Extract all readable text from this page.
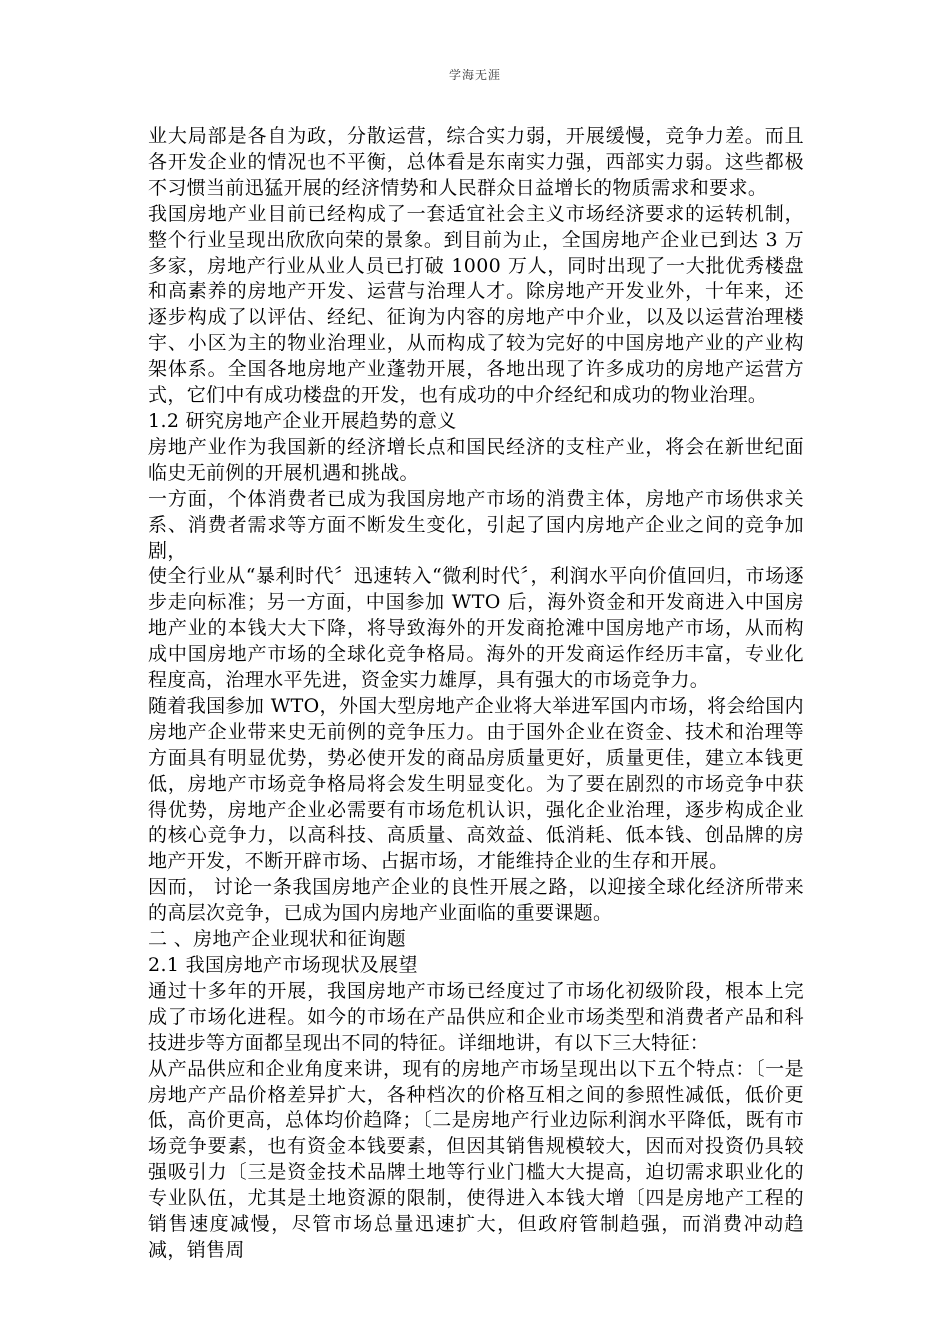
学海无涯

业大局部是各自为政，分散运营，综合实力弱，开展缓慢，竞争力差。而且各开发企业的情况也不平衡，总体看是东南实力强，西部实力弱。这些都极不习惯当前迅猛开展的经济情势和人民群众日益增长的物质需求和要求。

我国房地产业目前已经构成了一套适宜社会主义市场经济要求的运转机制，整个行业呈现出欣欣向荣的景象。到目前为止，全国房地产企业已到达 3 万多家，房地产行业从业人员已打破 1000 万人，同时出现了一大批优秀楼盘和高素养的房地产开发、运营与治理人才。除房地产开发业外，十年来，还逐步构成了以评估、经纪、征询为内容的房地产中介业，以及以运营治理楼宇、小区为主的物业治理业，从而构成了较为完好的中国房地产业的产业构架体系。全国各地房地产业蓬勃开展，各地出现了许多成功的房地产运营方式，它们中有成功楼盘的开发，也有成功的中介经纪和成功的物业治理。

1.2 研究房地产企业开展趋势的意义

房地产业作为我国新的经济增长点和国民经济的支柱产业，将会在新世纪面临史无前例的开展机遇和挑战。

一方面，个体消费者已成为我国房地产市场的消费主体，房地产市场供求关系、消费者需求等方面不断发生变化，引起了国内房地产企业之间的竞争加剧，

使全行业从“暴利时代〞迅速转入“微利时代〞，利润水平向价值回归，市场逐步走向标准；另一方面，中国参加 WTO 后，海外资金和开发商进入中国房地产业的本钱大大下降，将导致海外的开发商抢滩中国房地产市场，从而构成中国房地产市场的全球化竞争格局。海外的开发商运作经历丰富，专业化程度高，治理水平先进，资金实力雄厚，具有强大的市场竞争力。

随着我国参加 WTO，外国大型房地产企业将大举进军国内市场，将会给国内房地产企业带来史无前例的竞争压力。由于国外企业在资金、技术和治理等方面具有明显优势，势必使开发的商品房质量更好，质量更佳，建立本钱更低，房地产市场竞争格局将会发生明显变化。为了要在剧烈的市场竞争中获得优势，房地产企业必需要有市场危机认识，强化企业治理，逐步构成企业的核心竞争力，以高科技、高质量、高效益、低消耗、低本钱、创品牌的房地产开发，不断开辟市场、占据市场，才能维持企业的生存和开展。

因而， 讨论一条我国房地产企业的良性开展之路，以迎接全球化经济所带来的高层次竞争，已成为国内房地产业面临的重要课题。

二 、房地产企业现状和征询题

2.1 我国房地产市场现状及展望

通过十多年的开展，我国房地产市场已经度过了市场化初级阶段，根本上完成了市场化进程。如今的市场在产品供应和企业市场类型和消费者产品和科技进步等方面都呈现出不同的特征。详细地讲，有以下三大特征：

从产品供应和企业角度来讲，现有的房地产市场呈现出以下五个特点：〔一是房地产产品价格差异扩大，各种档次的价格互相之间的参照性减低，低价更低，高价更高，总体均价趋降；〔二是房地产行业边际利润水平降低，既有市场竞争要素，也有资金本钱要素，但因其销售规模较大，因而对投资仍具较强吸引力〔三是资金技术品牌土地等行业门槛大大提高，迫切需求职业化的专业队伍，尤其是土地资源的限制，使得进入本钱大增〔四是房地产工程的销售速度减慢，尽管市场总量迅速扩大，但政府管制趋强，而消费冲动趋减，销售周
